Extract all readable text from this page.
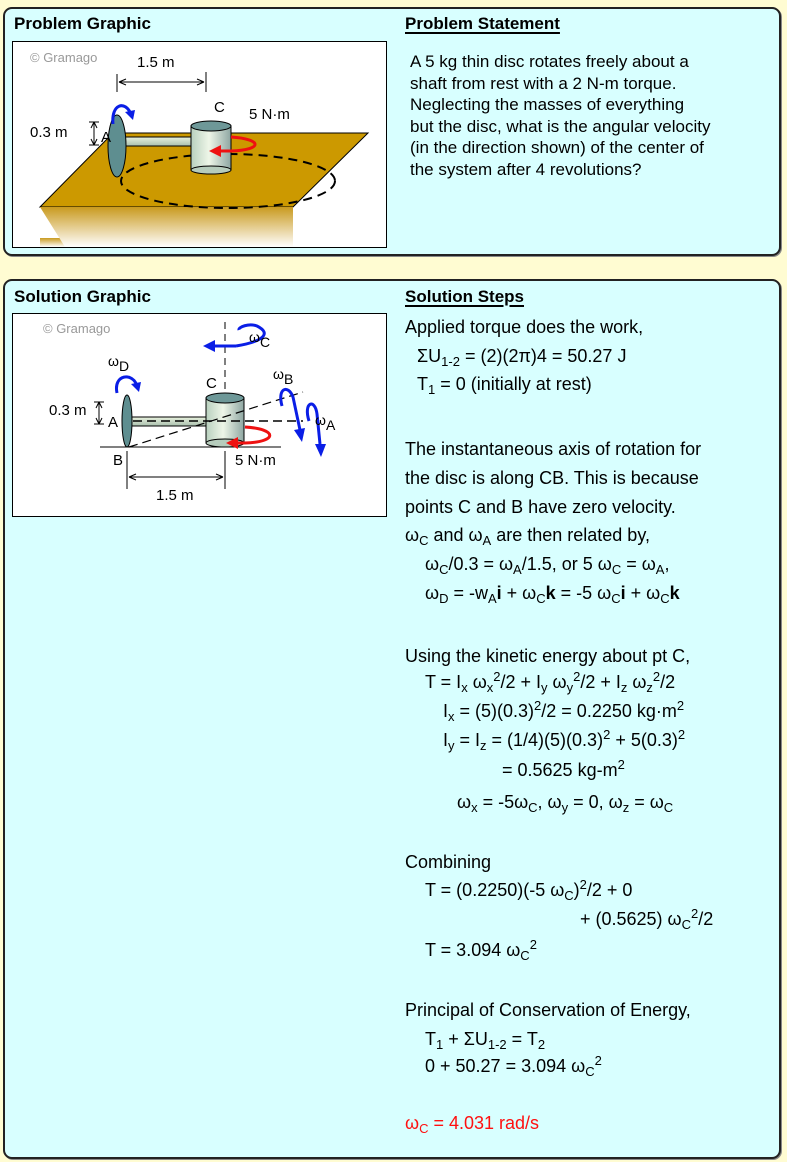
Problem Graphic	Problem Statement
© Gramago	1.5 m
C 5 N·m
A
0.3 m
A 5 kg thin disc rotates freely about a
shaft from rest with a 2 N-m torque.
Neglecting the masses of everything
but the disc, what is the angular velocity
(in the direction shown) of the center of
the system after 4 revolutions?
Solution Graphic	Solution Steps
© Gramago
ωC
ωD	ωB
ωA
C
A
B	5 N·m
0.3 m
1.5 m
Applied torque does the work,
$\Sigma U_{1-2} = (2)(2\pi)4 = 50.27$ J
$T_1 = 0$ (initially at rest)
The instantaneous axis of rotation for
the disc is along CB. This is because
points C and B have zero velocity.
$\omega_C$ and $\omega_A$ are then related by,
$\omega_C/0.3 = \omega_A/1.5$, or 5 $\omega_C = \omega_A$,
$\omega_D = -w_Ai + \omega_Ck = -5$ $\omega_Ci + \omega_Ck$
Using the kinetic energy about pt C,
$T = I_x$ $\omega_x^2/2 + I_y$ $\omega_y^2/2 + I_z$ $\omega_z^2/2$
$I_x = (5)(0.3)^2/2 = 0.2250$ $kg\cdot m^2$
$I_y = I_z = (1/4)(5)(0.3)^2 + 5(0.3)^2$
= 0.5625 $kg-m^2$
$\omega_x = -5\omega_C$, $\omega_y = 0$, $\omega_z = \omega_C$
Combining
T = (0.2250)(-5 $\omega_C)^2/2 + 0$
+ (0.5625) $\omega_C^2/2$
T = 3.094 $\omega_C^2$
Principal of Conservation of Energy,
$T_1 + \Sigma U_{1-2} = T_2$
0 + 50.27 = 3.094 $\omega_C^2$
$\omega_C = 4.031$ rad/s
